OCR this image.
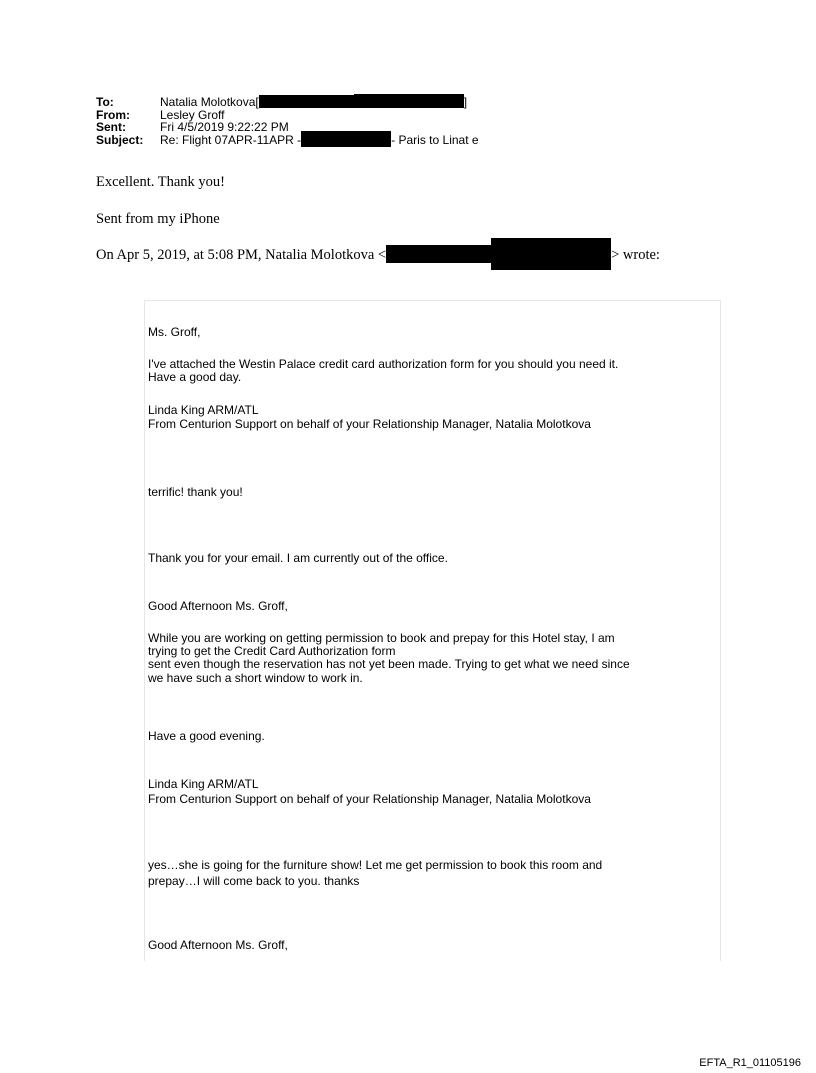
To:	Natalia Molotkova[	]
From:	Lesley Groff
Sent:	Fri 4/5/2019 9:22:22 PM
Subject:	Re: Flight 07APR-11APR -	- Paris to Linat e
Excellent. Thank you!
Sent from my iPhone
On Apr 5, 2019, at 5:08 PM, Natalia Molotkova <	> wrote:
Ms. Groff,
I've attached the Westin Palace credit card authorization form for you should you need it.
Have a good day.
Linda King ARM/ATL
From Centurion Support on behalf of your Relationship Manager, Natalia Molotkova
terrific! thank you!
Thank you for your email. I am currently out of the office.
Good Afternoon Ms. Groff,
While you are working on getting permission to book and prepay for this Hotel stay, I am
trying to get the Credit Card Authorization form
sent even though the reservation has not yet been made. Trying to get what we need since
we have such a short window to work in.
Have a good evening.
Linda King ARM/ATL
From Centurion Support on behalf of your Relationship Manager, Natalia Molotkova
yes…she is going for the furniture show! Let me get permission to book this room and
prepay…I will come back to you. thanks
Good Afternoon Ms. Groff,
EFTA_R1_01105196
